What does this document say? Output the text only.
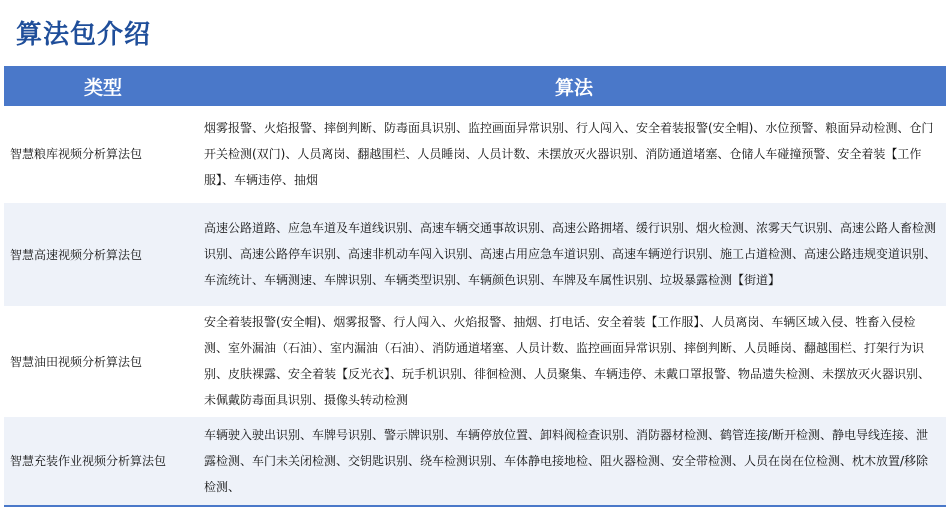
算法包介绍
类型	算法
智慧粮库视频分析算法包	烟雾报警、火焰报警、摔倒判断、防毒面具识别、监控画面异常识别、行人闯入、安全着装报警(安全帽)、水位预警、粮面异动检测、仓门开关检测(双门)、人员离岗、翻越围栏、人员睡岗、人员计数、未摆放灭火器识别、消防通道堵塞、仓储人车碰撞预警、安全着装【工作服】、车辆违停、抽烟
智慧高速视频分析算法包	高速公路道路、应急车道及车道线识别、高速车辆交通事故识别、高速公路拥堵、缓行识别、烟火检测、浓雾天气识别、高速公路人畜检测识别、高速公路停车识别、高速非机动车闯入识别、高速占用应急车道识别、高速车辆逆行识别、施工占道检测、高速公路违规变道识别、车流统计、车辆测速、车牌识别、车辆类型识别、车辆颜色识别、车牌及车属性识别、垃圾暴露检测【街道】
智慧油田视频分析算法包	安全着装报警(安全帽)、烟雾报警、行人闯入、火焰报警、抽烟、打电话、安全着装【工作服】、人员离岗、车辆区域入侵、牲畜入侵检测、室外漏油（石油）、室内漏油（石油）、消防通道堵塞、人员计数、监控画面异常识别、摔倒判断、人员睡岗、翻越围栏、打架行为识别、皮肤裸露、安全着装【反光衣】、玩手机识别、徘徊检测、人员聚集、车辆违停、未戴口罩报警、物品遗失检测、未摆放灭火器识别、未佩戴防毒面具识别、摄像头转动检测
智慧充装作业视频分析算法包	车辆驶入驶出识别、车牌号识别、警示牌识别、车辆停放位置、卸料阀检查识别、消防器材检测、鹤管连接/断开检测、静电导线连接、泄露检测、车门未关闭检测、交钥匙识别、绕车检测识别、车体静电接地检、阻火器检测、安全带检测、人员在岗在位检测、枕木放置/移除检测、
